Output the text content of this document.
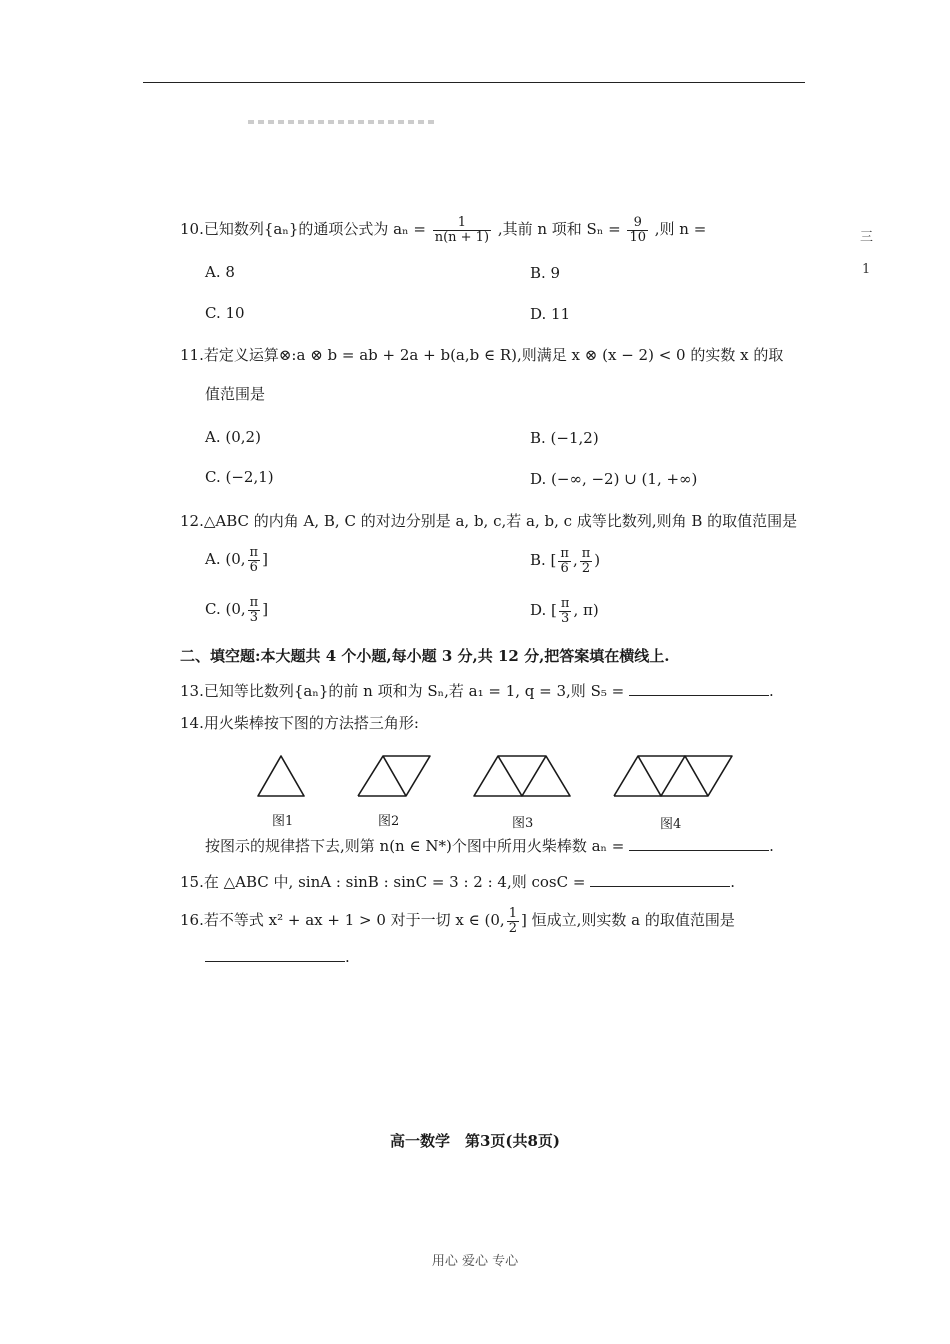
三
1
10.已知数列{aₙ}的通项公式为 $a_n = \frac{1}{n(n + 1)}$ ,其前 n 项和 $S_n = \frac{9}{10}$ ,则 n =
A. 8	B. 9
C. 10	D. 11
11.若定义运算⊗:a ⊗ b = ab + 2a + b(a,b ∈ R),则满足 x ⊗ (x − 2) < 0 的实数 x 的取
值范围是
A. (0,2)	B. (−1,2)
C. (−2,1)	D. (−∞, −2) ∪ (1, +∞)
12.△ABC 的内角 A, B, C 的对边分别是 a, b, c,若 a, b, c 成等比数列,则角 B 的取值范围是
A. (0, $\frac{\pi}{6}$ ]	B. [ $\frac{\pi}{6}$ , $\frac{\pi}{2}$ )
C. (0, $\frac{\pi}{3}$ ]	D. [ $\frac{\pi}{3}$ , π)
二、填空题:本大题共 4 个小题,每小题 3 分,共 12 分,把答案填在横线上.
13.已知等比数列{aₙ}的前 n 项和为 Sₙ,若 a₁ = 1, q = 3,则 S₅ =	.
14.用火柴棒按下图的方法搭三角形:
图1	图2	图3	图4
按图示的规律搭下去,则第 n(n ∈ N*)个图中所用火柴棒数 aₙ =	.
15.在 △ABC 中, sinA : sinB : sinC = 3 : 2 : 4,则 cosC =	.
16.若不等式 x² + ax + 1 > 0 对于一切 x ∈ (0, $\frac{1}{2}$ ] 恒成立,则实数 a 的取值范围是
.
高一数学　第3页(共8页)
用心 爱心 专心
